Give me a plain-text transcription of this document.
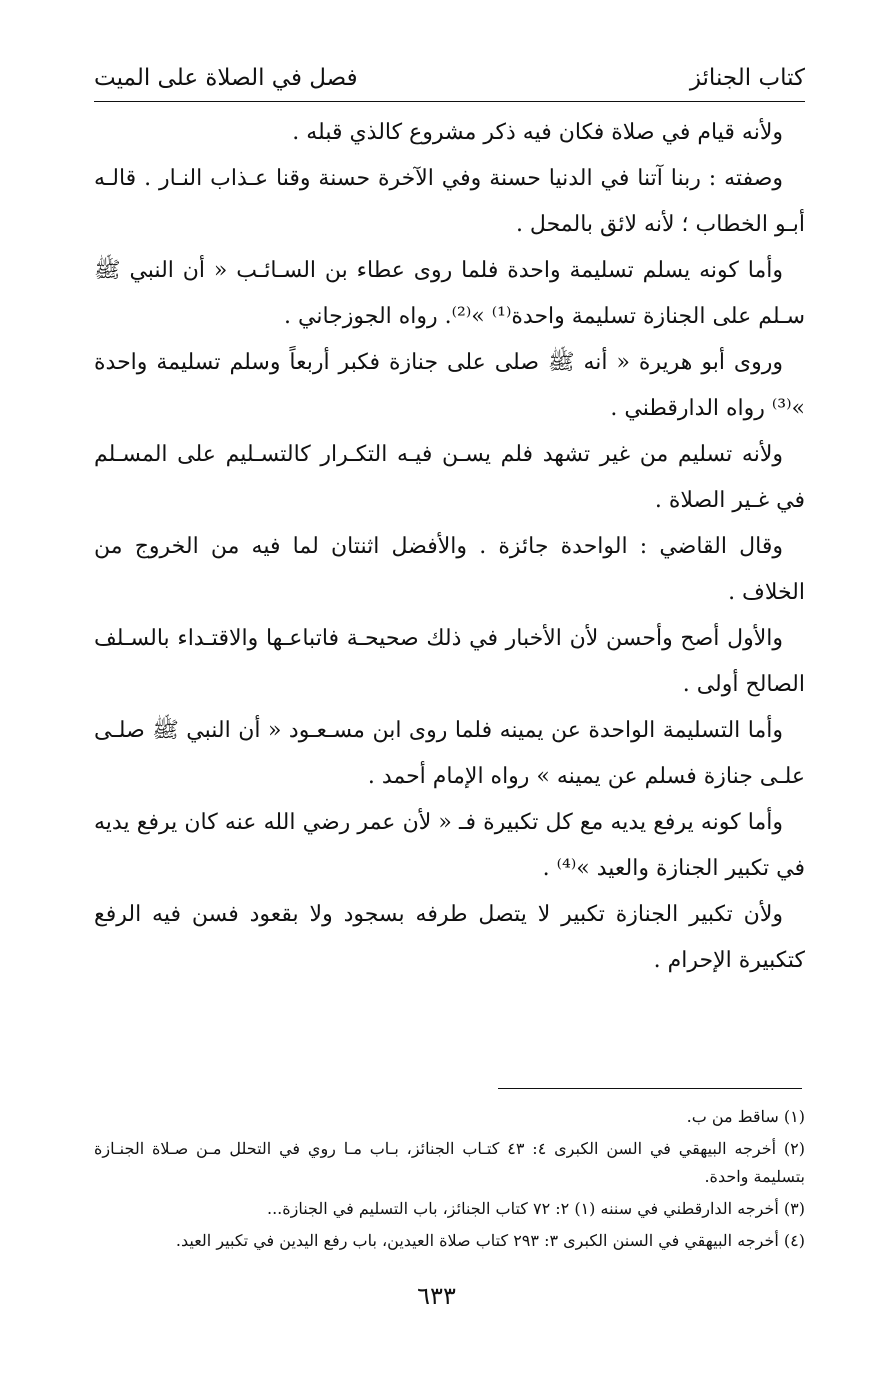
كتاب الجنائز
فصل في الصلاة على الميت

ولأنه قيام في صلاة فكان فيه ذكر مشروع كالذي قبله .

وصفته : ربنا آتنا في الدنيا حسنة وفي الآخرة حسنة وقنا عـذاب النـار . قالـه أبـو الخطاب ؛ لأنه لائق بالمحل .

وأما كونه يسلم تسليمة واحدة فلما روى عطاء بن السـائـب « أن النبي ﷺ سـلم على الجنازة تسليمة واحدة⁽¹⁾ »⁽²⁾. رواه الجوزجاني .

وروى أبو هريرة « أنه ﷺ صلى على جنازة فكبر أربعاً وسلم تسليمة واحدة »⁽³⁾ رواه الدارقطني .

ولأنه تسليم من غير تشهد فلم يسـن فيـه التكـرار كالتسـليم على المسـلم في غـير الصلاة .

وقال القاضي : الواحدة جائزة . والأفضل اثنتان لما فيه من الخروج من الخلاف .

والأول أصح وأحسن لأن الأخبار في ذلك صحيحـة فاتباعـها والاقتـداء بالسـلف الصالح أولى .

وأما التسليمة الواحدة عن يمينه فلما روى ابن مسـعـود « أن النبي ﷺ صلـى علـى جنازة فسلم عن يمينه » رواه الإمام أحمد .

وأما كونه يرفع يديه مع كل تكبيرة فـ « لأن عمر رضي الله عنه كان يرفع يديه في تكبير الجنازة والعيد »⁽⁴⁾ .

ولأن تكبير الجنازة تكبير لا يتصل طرفه بسجود ولا بقعود فسن فيه الرفع كتكبيرة الإحرام .

(١) ساقط من ب.

(٢) أخرجه البيهقي في السن الكبرى ٤: ٤٣ كتـاب الجنائز، بـاب مـا روي في التحلل مـن صـلاة الجنـازة بتسليمة واحدة.

(٣) أخرجه الدارقطني في سننه (١) ٢: ٧٢ كتاب الجنائز، باب التسليم في الجنازة...

(٤) أخرجه البيهقي في السنن الكبرى ٣: ٢٩٣ كتاب صلاة العيدين، باب رفع اليدين في تكبير العيد.

٦٣٣
